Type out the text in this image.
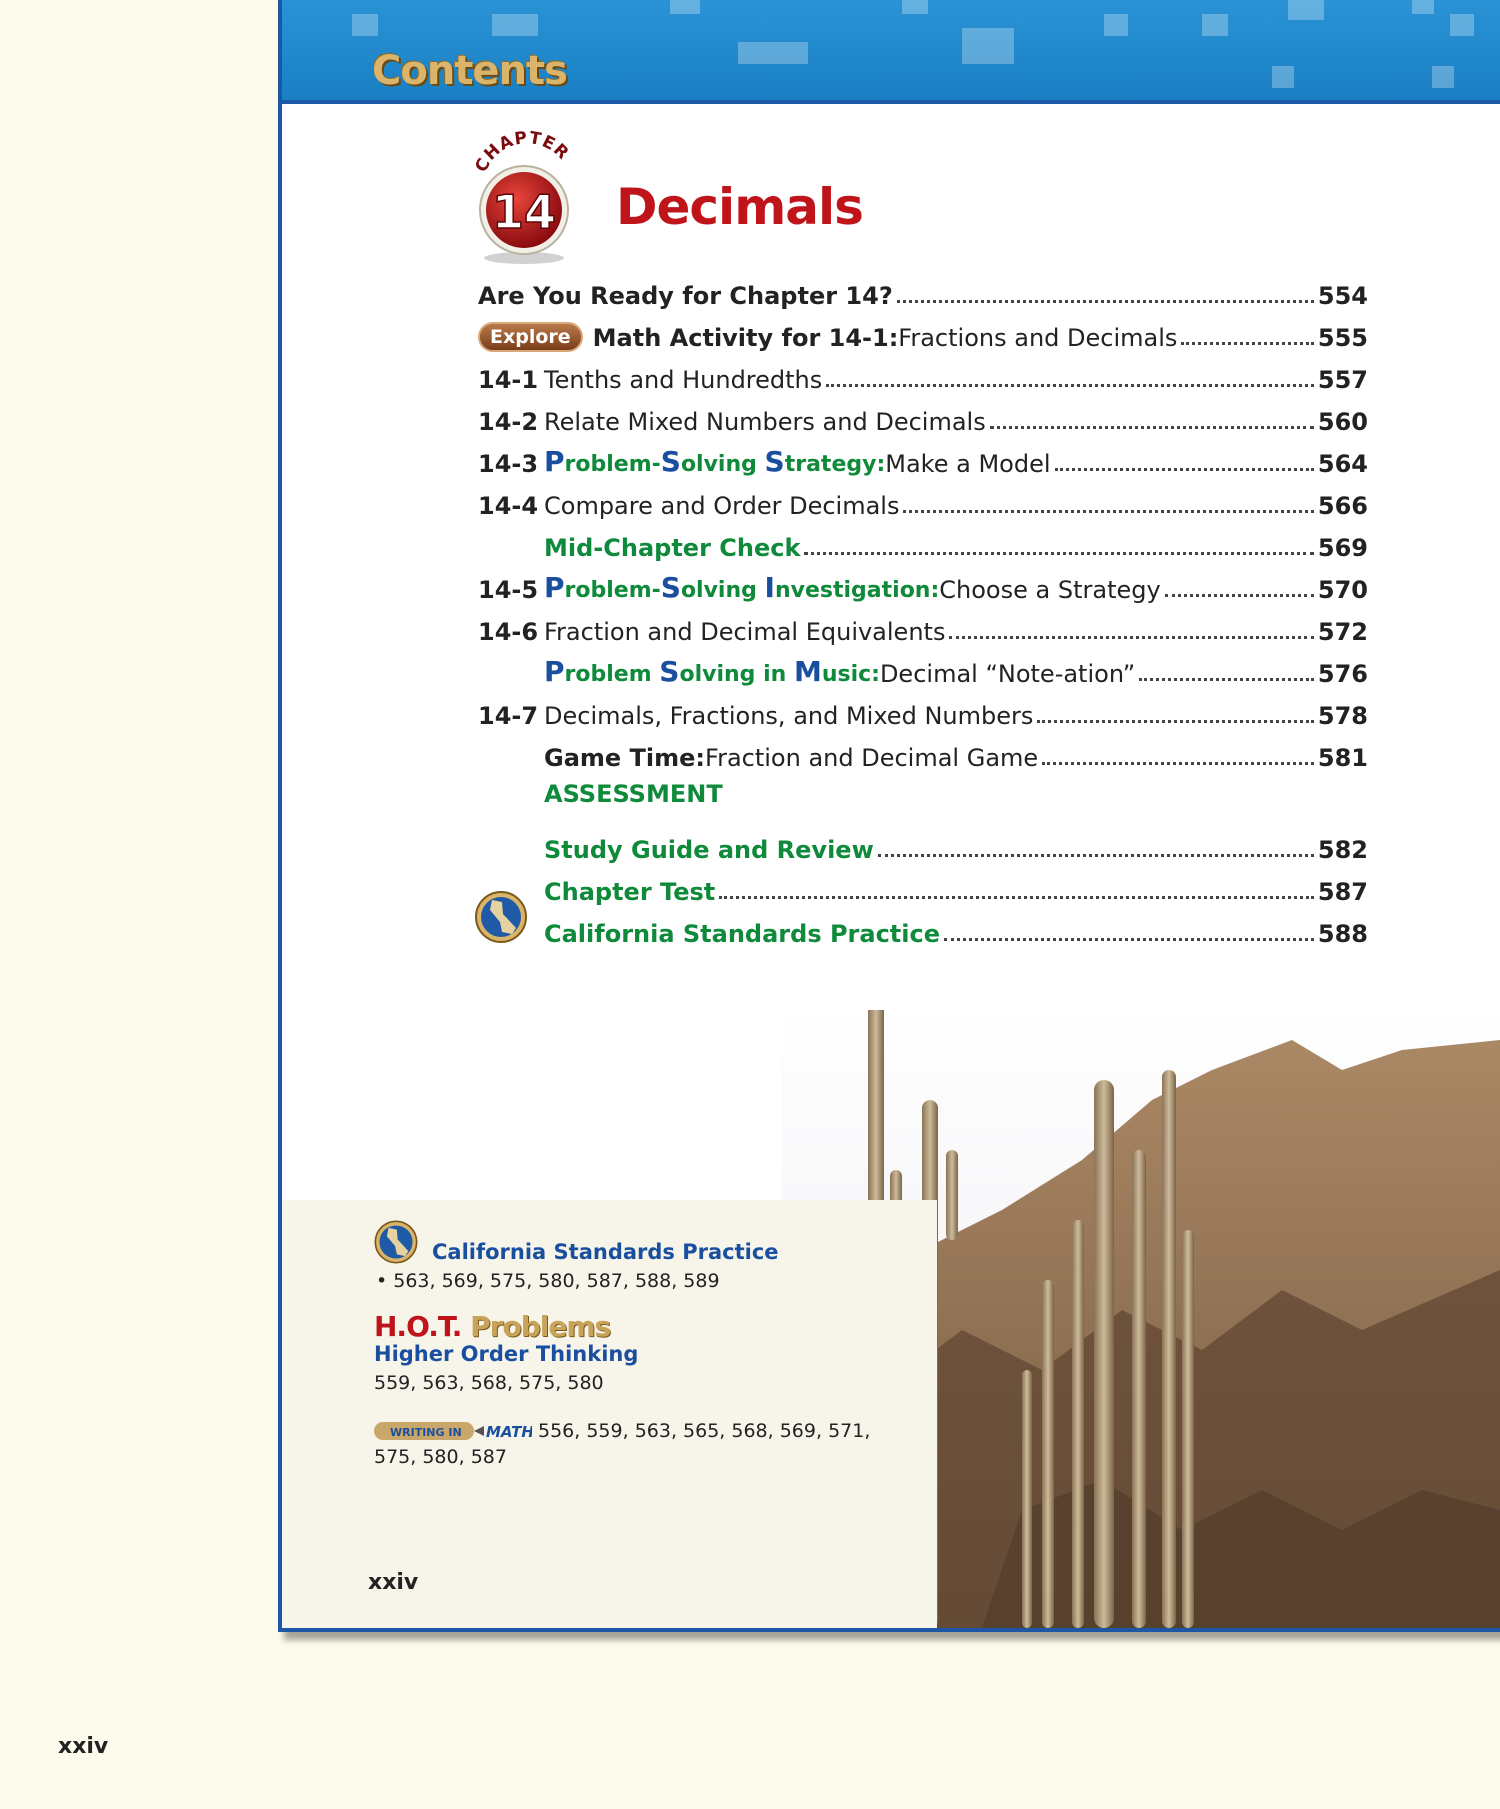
Contents
CHAPTER
14 Decimals
Are You Ready for Chapter 14?	554
Explore Math Activity for 14-1: Fractions and Decimals	555
14-1 Tenths and Hundredths	557
14-2 Relate Mixed Numbers and Decimals	560
14-3 Problem-Solving Strategy: Make a Model	564
14-4 Compare and Order Decimals	566
Mid-Chapter Check	569
14-5 Problem-Solving Investigation: Choose a Strategy	570
14-6 Fraction and Decimal Equivalents	572
Problem Solving in Music: Decimal “Note-ation”	576
14-7 Decimals, Fractions, and Mixed Numbers	578
Game Time: Fraction and Decimal Game	581
ASSESSMENT
Study Guide and Review	582
Chapter Test	587
California Standards Practice	588
California Standards Practice
• 563, 569, 575, 580, 587, 588, 589
H.O.T. Problems
Higher Order Thinking
559, 563, 568, 575, 580
WRITING IN MATH 556, 559, 563, 565, 568, 569, 571,
575, 580, 587
xxiv
xxiv
